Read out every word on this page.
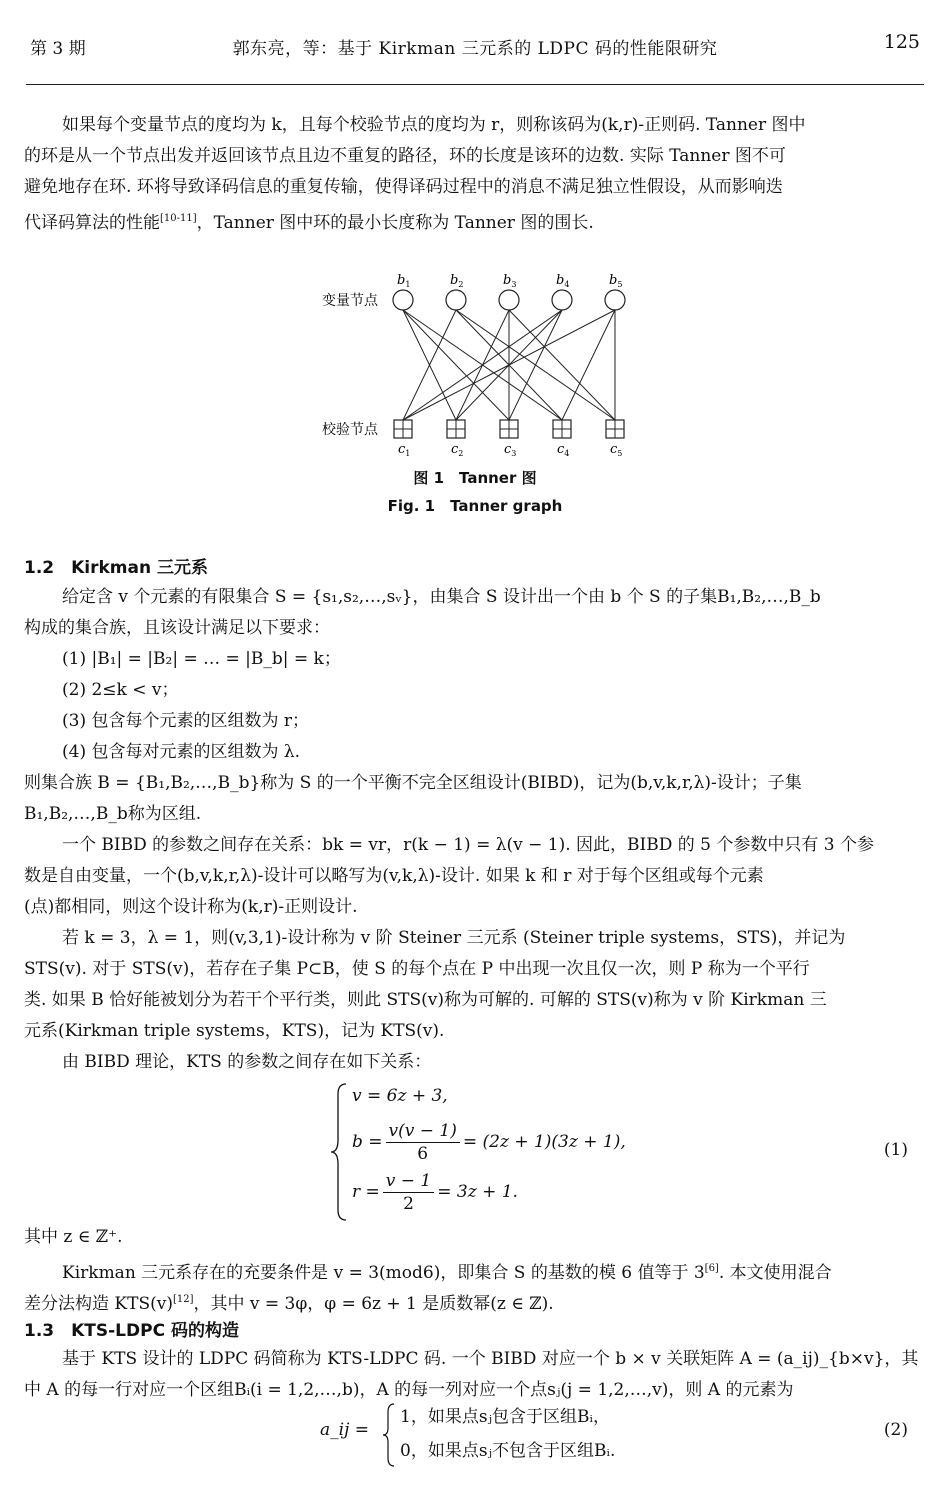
第 3 期	郭东亮，等：基于 Kirkman 三元系的 LDPC 码的性能限研究	125
如果每个变量节点的度均为 k，且每个校验节点的度均为 r，则称该码为(k,r)-正则码. Tanner 图中
的环是从一个节点出发并返回该节点且边不重复的路径，环的长度是该环的边数. 实际 Tanner 图不可
避免地存在环. 环将导致译码信息的重复传输，使得译码过程中的消息不满足独立性假设，从而影响迭
代译码算法的性能[10-11]，Tanner 图中环的最小长度称为 Tanner 图的围长.
变量节点
校验节点
$b_1$	$b_2$	$b_3$	$b_4$	$b_5$
$c_1$	$c_2$	$c_3$	$c_4$	$c_5$
图 1　Tanner 图
Fig. 1　Tanner graph
1.2　Kirkman 三元系
给定含 v 个元素的有限集合 S = {s₁,s₂,…,sᵥ}，由集合 S 设计出一个由 b 个 S 的子集B₁,B₂,…,B_b
构成的集合族，且该设计满足以下要求：
(1) |B₁| = |B₂| = … = |B_b| = k；
(2) 2≤k < v；
(3) 包含每个元素的区组数为 r；
(4) 包含每对元素的区组数为 λ.
则集合族 B = {B₁,B₂,…,B_b}称为 S 的一个平衡不完全区组设计(BIBD)，记为(b,v,k,r,λ)-设计；子集
B₁,B₂,…,B_b称为区组.
一个 BIBD 的参数之间存在关系：bk = vr，r(k − 1) = λ(v − 1). 因此，BIBD 的 5 个参数中只有 3 个参
数是自由变量，一个(b,v,k,r,λ)-设计可以略写为(v,k,λ)-设计. 如果 k 和 r 对于每个区组或每个元素
(点)都相同，则这个设计称为(k,r)-正则设计.
若 k = 3，λ = 1，则(v,3,1)-设计称为 v 阶 Steiner 三元系 (Steiner triple systems，STS)，并记为
STS(v). 对于 STS(v)，若存在子集 P⊂B，使 S 的每个点在 P 中出现一次且仅一次，则 P 称为一个平行
类. 如果 B 恰好能被划分为若干个平行类，则此 STS(v)称为可解的. 可解的 STS(v)称为 v 阶 Kirkman 三
元系(Kirkman triple systems，KTS)，记为 KTS(v).
由 BIBD 理论，KTS 的参数之间存在如下关系：
v = 6z + 3,
$b = \frac{v(v - 1)}{6} = (2z + 1)(3z + 1)$,
$r = \frac{v - 1}{2} = 3z + 1$.
(1)
其中 z ∈ ℤ⁺.
Kirkman 三元系存在的充要条件是 v = 3(mod6)，即集合 S 的基数的模 6 值等于 3[6]. 本文使用混合
差分法构造 KTS(v)[12]，其中 v = 3φ，φ = 6z + 1 是质数幂(z ∈ ℤ).
1.3　KTS-LDPC 码的构造
基于 KTS 设计的 LDPC 码简称为 KTS-LDPC 码. 一个 BIBD 对应一个 b × v 关联矩阵 A = (a_ij)_{b×v}，其
中 A 的每一行对应一个区组Bᵢ(i = 1,2,…,b)，A 的每一列对应一个点sⱼ(j = 1,2,…,v)，则 A 的元素为
a_ij =
1，如果点sⱼ包含于区组Bᵢ，
0，如果点sⱼ不包含于区组Bᵢ.
(2)
